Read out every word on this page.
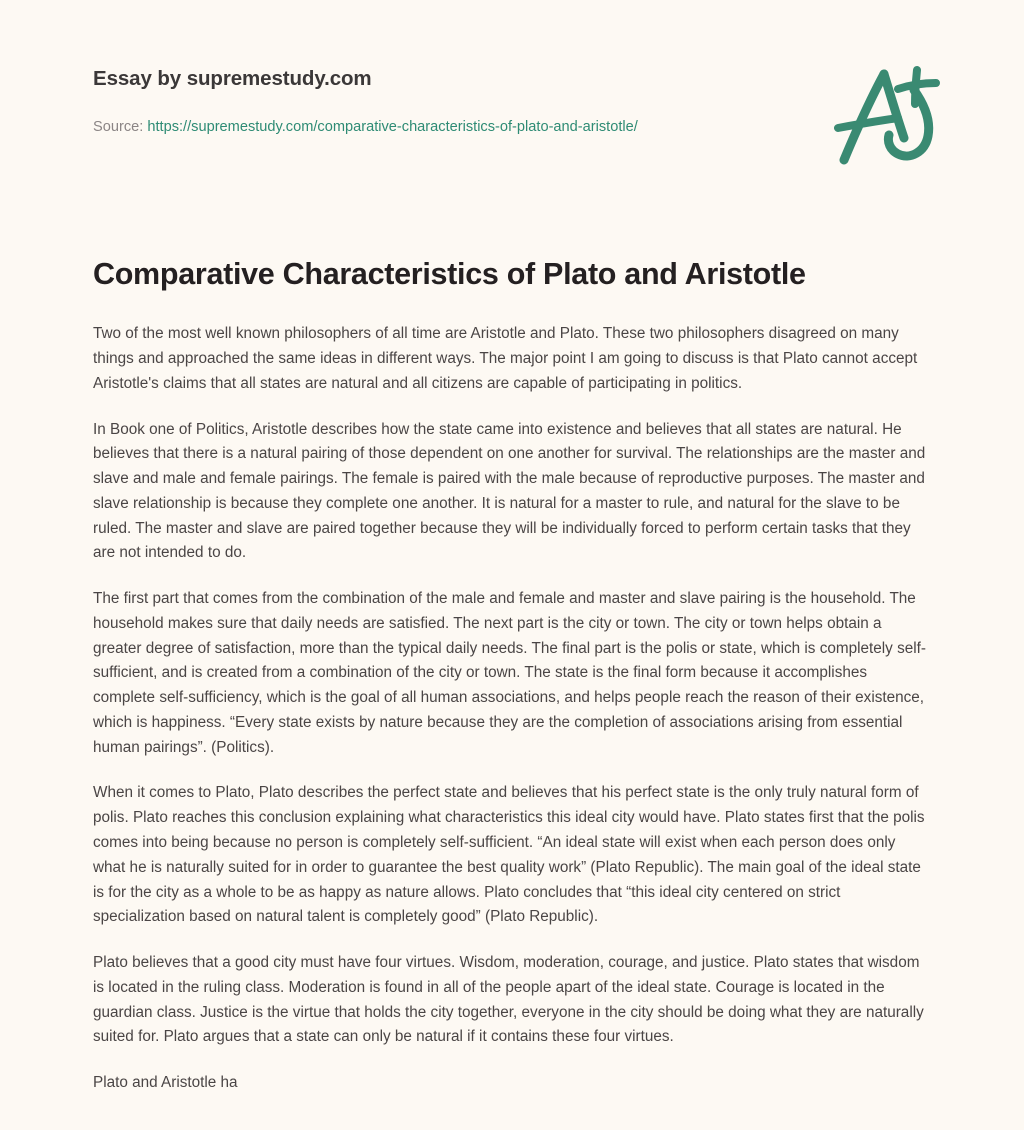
Essay by supremestudy.com
Source: https://supremestudy.com/comparative-characteristics-of-plato-and-aristotle/
Comparative Characteristics of Plato and Aristotle

Two of the most well known philosophers of all time are Aristotle and Plato. These two philosophers disagreed on many things and approached the same ideas in different ways. The major point I am going to discuss is that Plato cannot accept Aristotle's claims that all states are natural and all citizens are capable of participating in politics.

In Book one of Politics, Aristotle describes how the state came into existence and believes that all states are natural. He believes that there is a natural pairing of those dependent on one another for survival. The relationships are the master and slave and male and female pairings. The female is paired with the male because of reproductive purposes. The master and slave relationship is because they complete one another. It is natural for a master to rule, and natural for the slave to be ruled. The master and slave are paired together because they will be individually forced to perform certain tasks that they are not intended to do.

The first part that comes from the combination of the male and female and master and slave pairing is the household. The household makes sure that daily needs are satisfied. The next part is the city or town. The city or town helps obtain a greater degree of satisfaction, more than the typical daily needs. The final part is the polis or state, which is completely self-sufficient, and is created from a combination of the city or town. The state is the final form because it accomplishes complete self-sufficiency, which is the goal of all human associations, and helps people reach the reason of their existence, which is happiness. “Every state exists by nature because they are the completion of associations arising from essential human pairings”. (Politics).

When it comes to Plato, Plato describes the perfect state and believes that his perfect state is the only truly natural form of polis. Plato reaches this conclusion explaining what characteristics this ideal city would have. Plato states first that the polis comes into being because no person is completely self-sufficient. “An ideal state will exist when each person does only what he is naturally suited for in order to guarantee the best quality work” (Plato Republic). The main goal of the ideal state is for the city as a whole to be as happy as nature allows. Plato concludes that “this ideal city centered on strict specialization based on natural talent is completely good” (Plato Republic).

Plato believes that a good city must have four virtues. Wisdom, moderation, courage, and justice. Plato states that wisdom is located in the ruling class. Moderation is found in all of the people apart of the ideal state. Courage is located in the guardian class. Justice is the virtue that holds the city together, everyone in the city should be doing what they are naturally suited for. Plato argues that a state can only be natural if it contains these four virtues.

Plato and Aristotle ha
